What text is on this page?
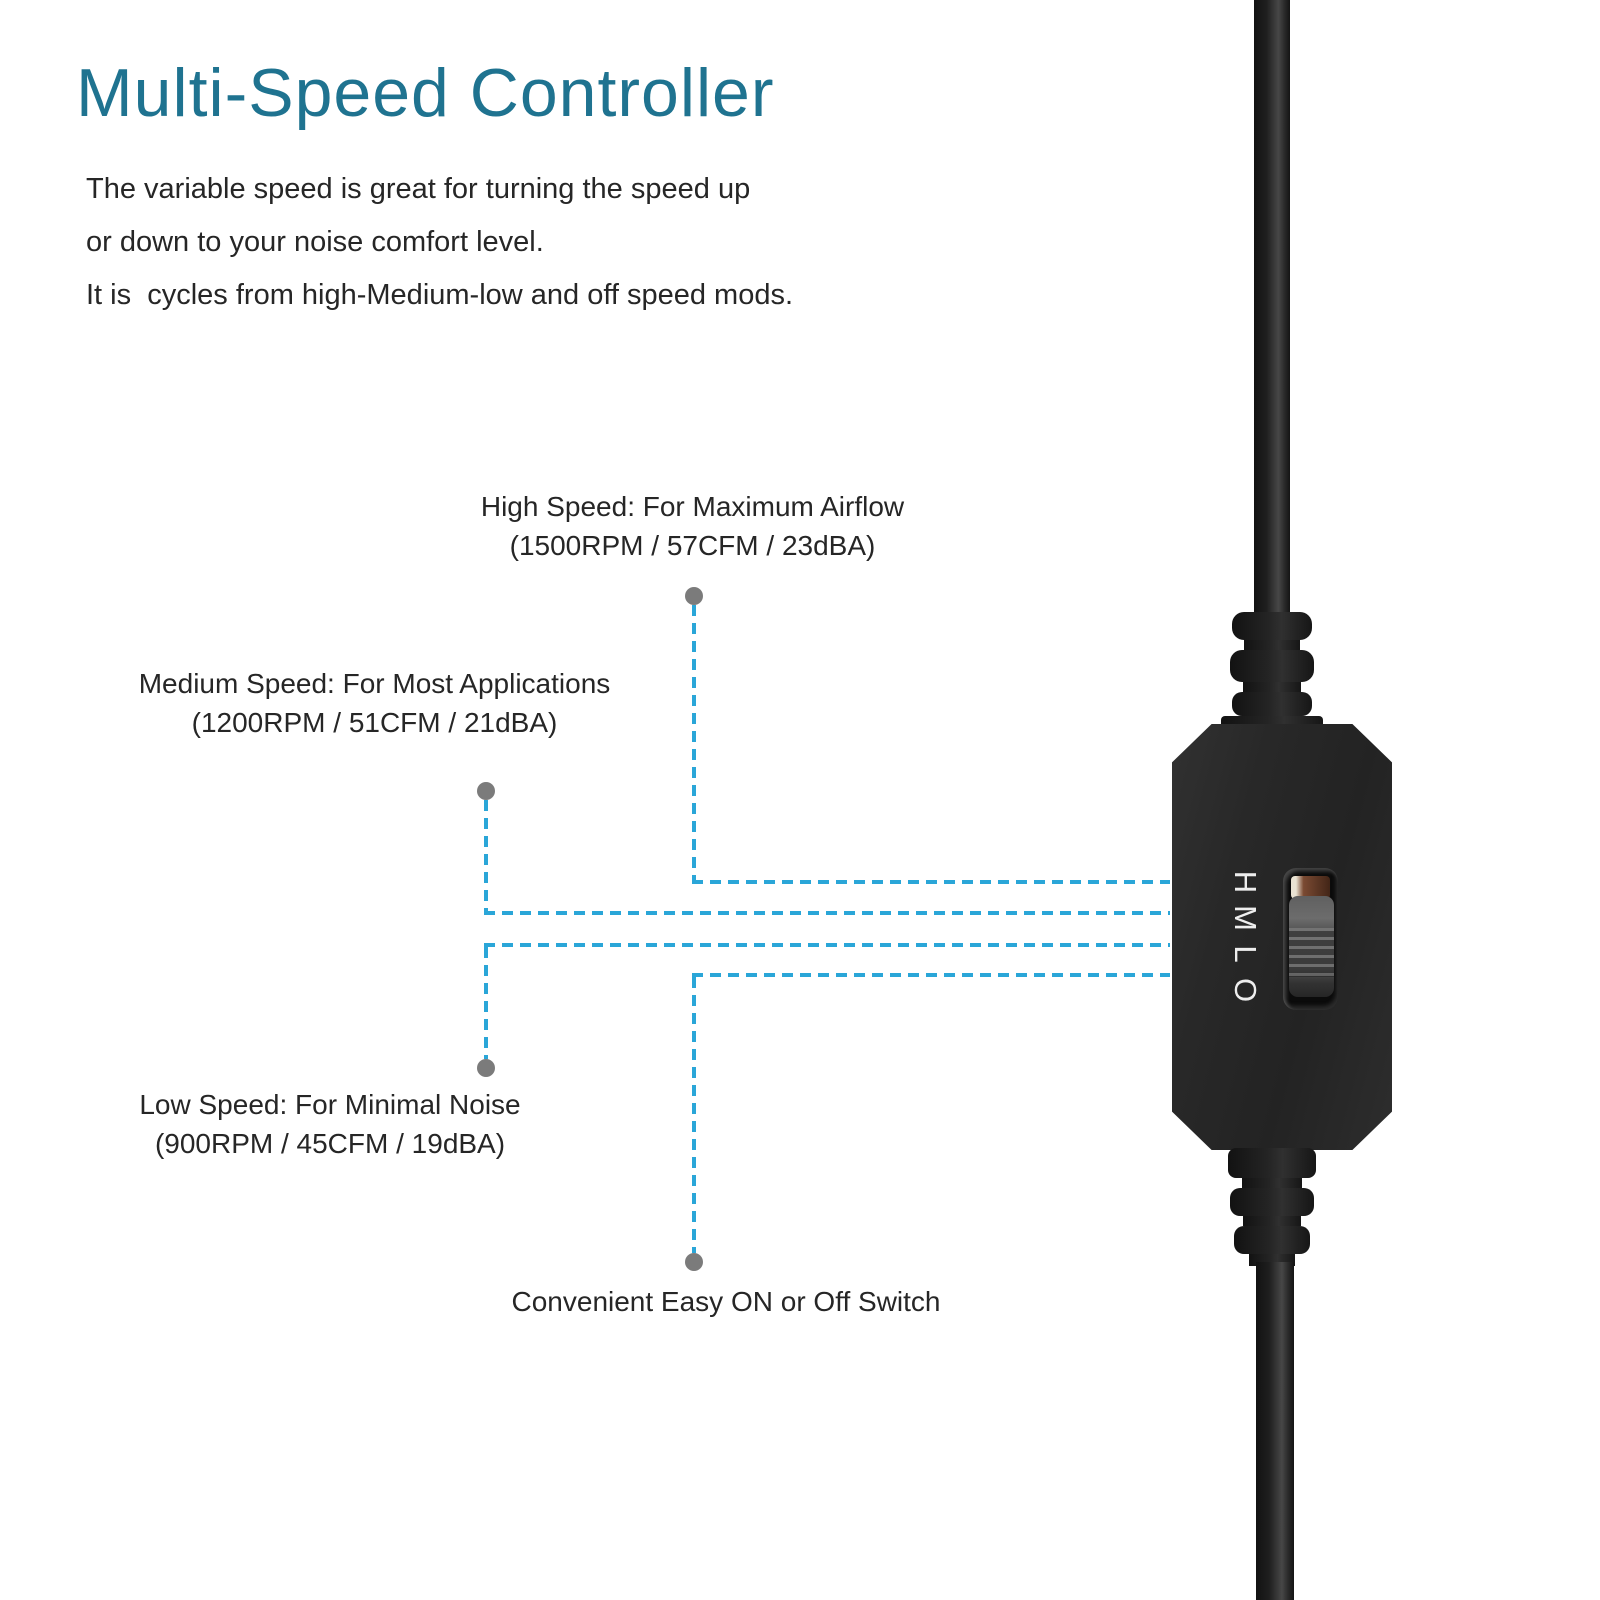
Multi-Speed Controller
The variable speed is great for turning the speed up
or down to your noise comfort level.
It is  cycles from high-Medium-low and off speed mods.
High Speed: For Maximum Airflow
(1500RPM / 57CFM / 23dBA)
Medium Speed: For Most Applications
(1200RPM / 51CFM / 21dBA)
Low Speed: For Minimal Noise
(900RPM / 45CFM / 19dBA)
Convenient Easy ON or Off Switch
H
M
L
O
